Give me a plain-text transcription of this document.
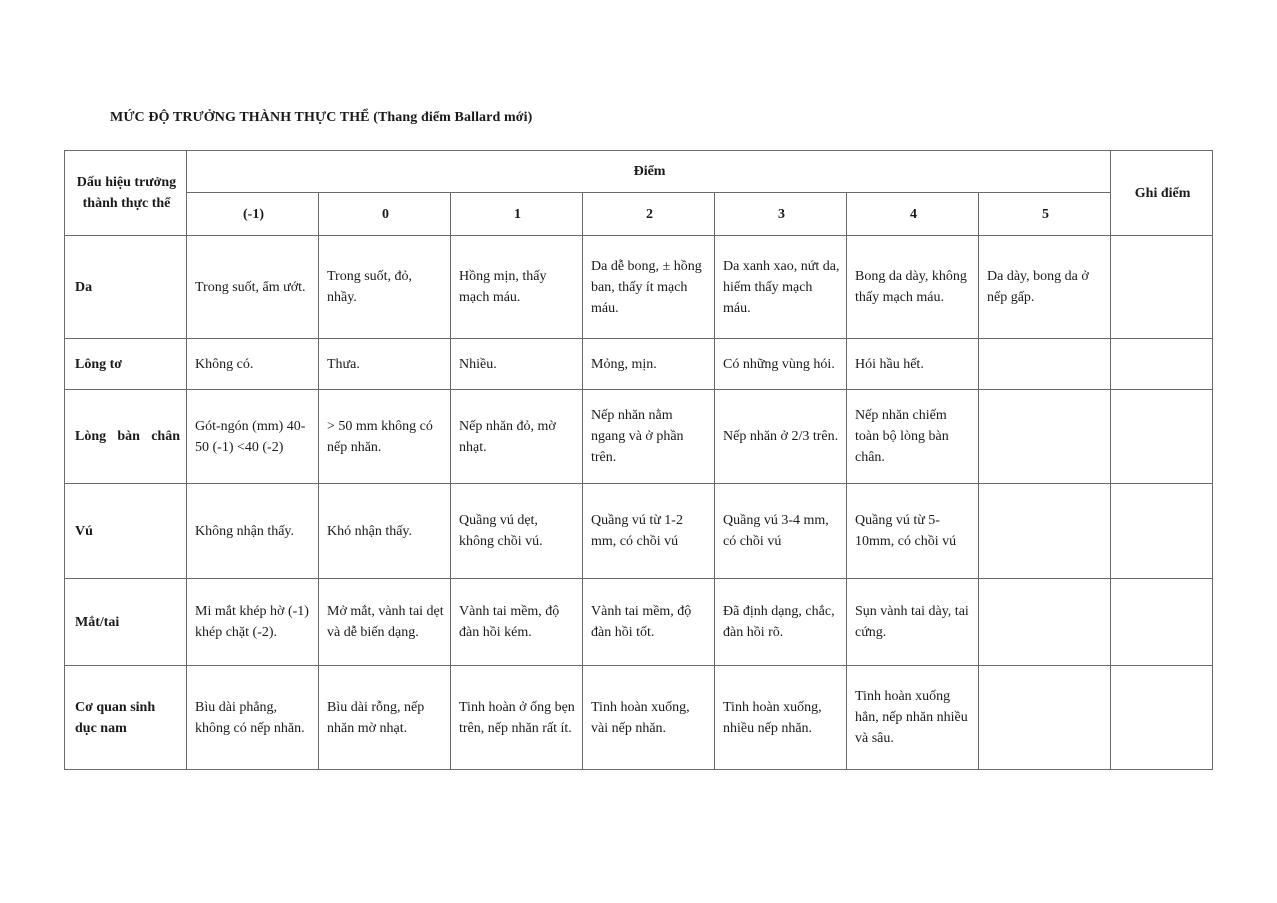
MỨC ĐỘ TRƯỞNG THÀNH THỰC THỂ (Thang điểm Ballard mới)
Dấu hiệu trưởng thành thực thể	Điểm							Ghi điểm
	(-1)	0	1	2	3	4	5	
Da	Trong suốt, ẩm ướt.	Trong suốt, đỏ, nhầy.	Hồng mịn, thấy mạch máu.	Da dễ bong, ± hồng ban, thấy ít mạch máu.	Da xanh xao, nứt da, hiếm thấy mạch máu.	Bong da dày, không thấy mạch máu.	Da dày, bong da ở nếp gấp.	
Lông tơ	Không có.	Thưa.	Nhiều.	Mỏng, mịn.	Có những vùng hói.	Hói hầu hết.		
Lòng bàn chân	Gót-ngón (mm) 40-50 (-1) <40 (-2)	> 50 mm không có nếp nhăn.	Nếp nhăn đỏ, mờ nhạt.	Nếp nhăn nằm ngang và ở phần trên.	Nếp nhăn ở 2/3 trên.	Nếp nhăn chiếm toàn bộ lòng bàn chân.		
Vú	Không nhận thấy.	Khó nhận thấy.	Quầng vú dẹt, không chồi vú.	Quầng vú từ 1-2 mm, có chồi vú	Quầng vú 3-4 mm, có chồi vú	Quầng vú từ 5-10mm, có chồi vú		
Mắt/tai	Mi mắt khép hờ (-1) khép chặt (-2).	Mở mắt, vành tai dẹt và dễ biến dạng.	Vành tai mềm, độ đàn hồi kém.	Vành tai mềm, độ đàn hồi tốt.	Đã định dạng, chắc, đàn hồi rõ.	Sụn vành tai dày, tai cứng.		
Cơ quan sinh dục nam	Bìu dài phẳng, không có nếp nhăn.	Bìu dài rỗng, nếp nhăn mờ nhạt.	Tinh hoàn ở ống bẹn trên, nếp nhăn rất ít.	Tinh hoàn xuống, vài nếp nhăn.	Tinh hoàn xuống, nhiều nếp nhăn.	Tinh hoàn xuống hẳn, nếp nhăn nhiều và sâu.		
